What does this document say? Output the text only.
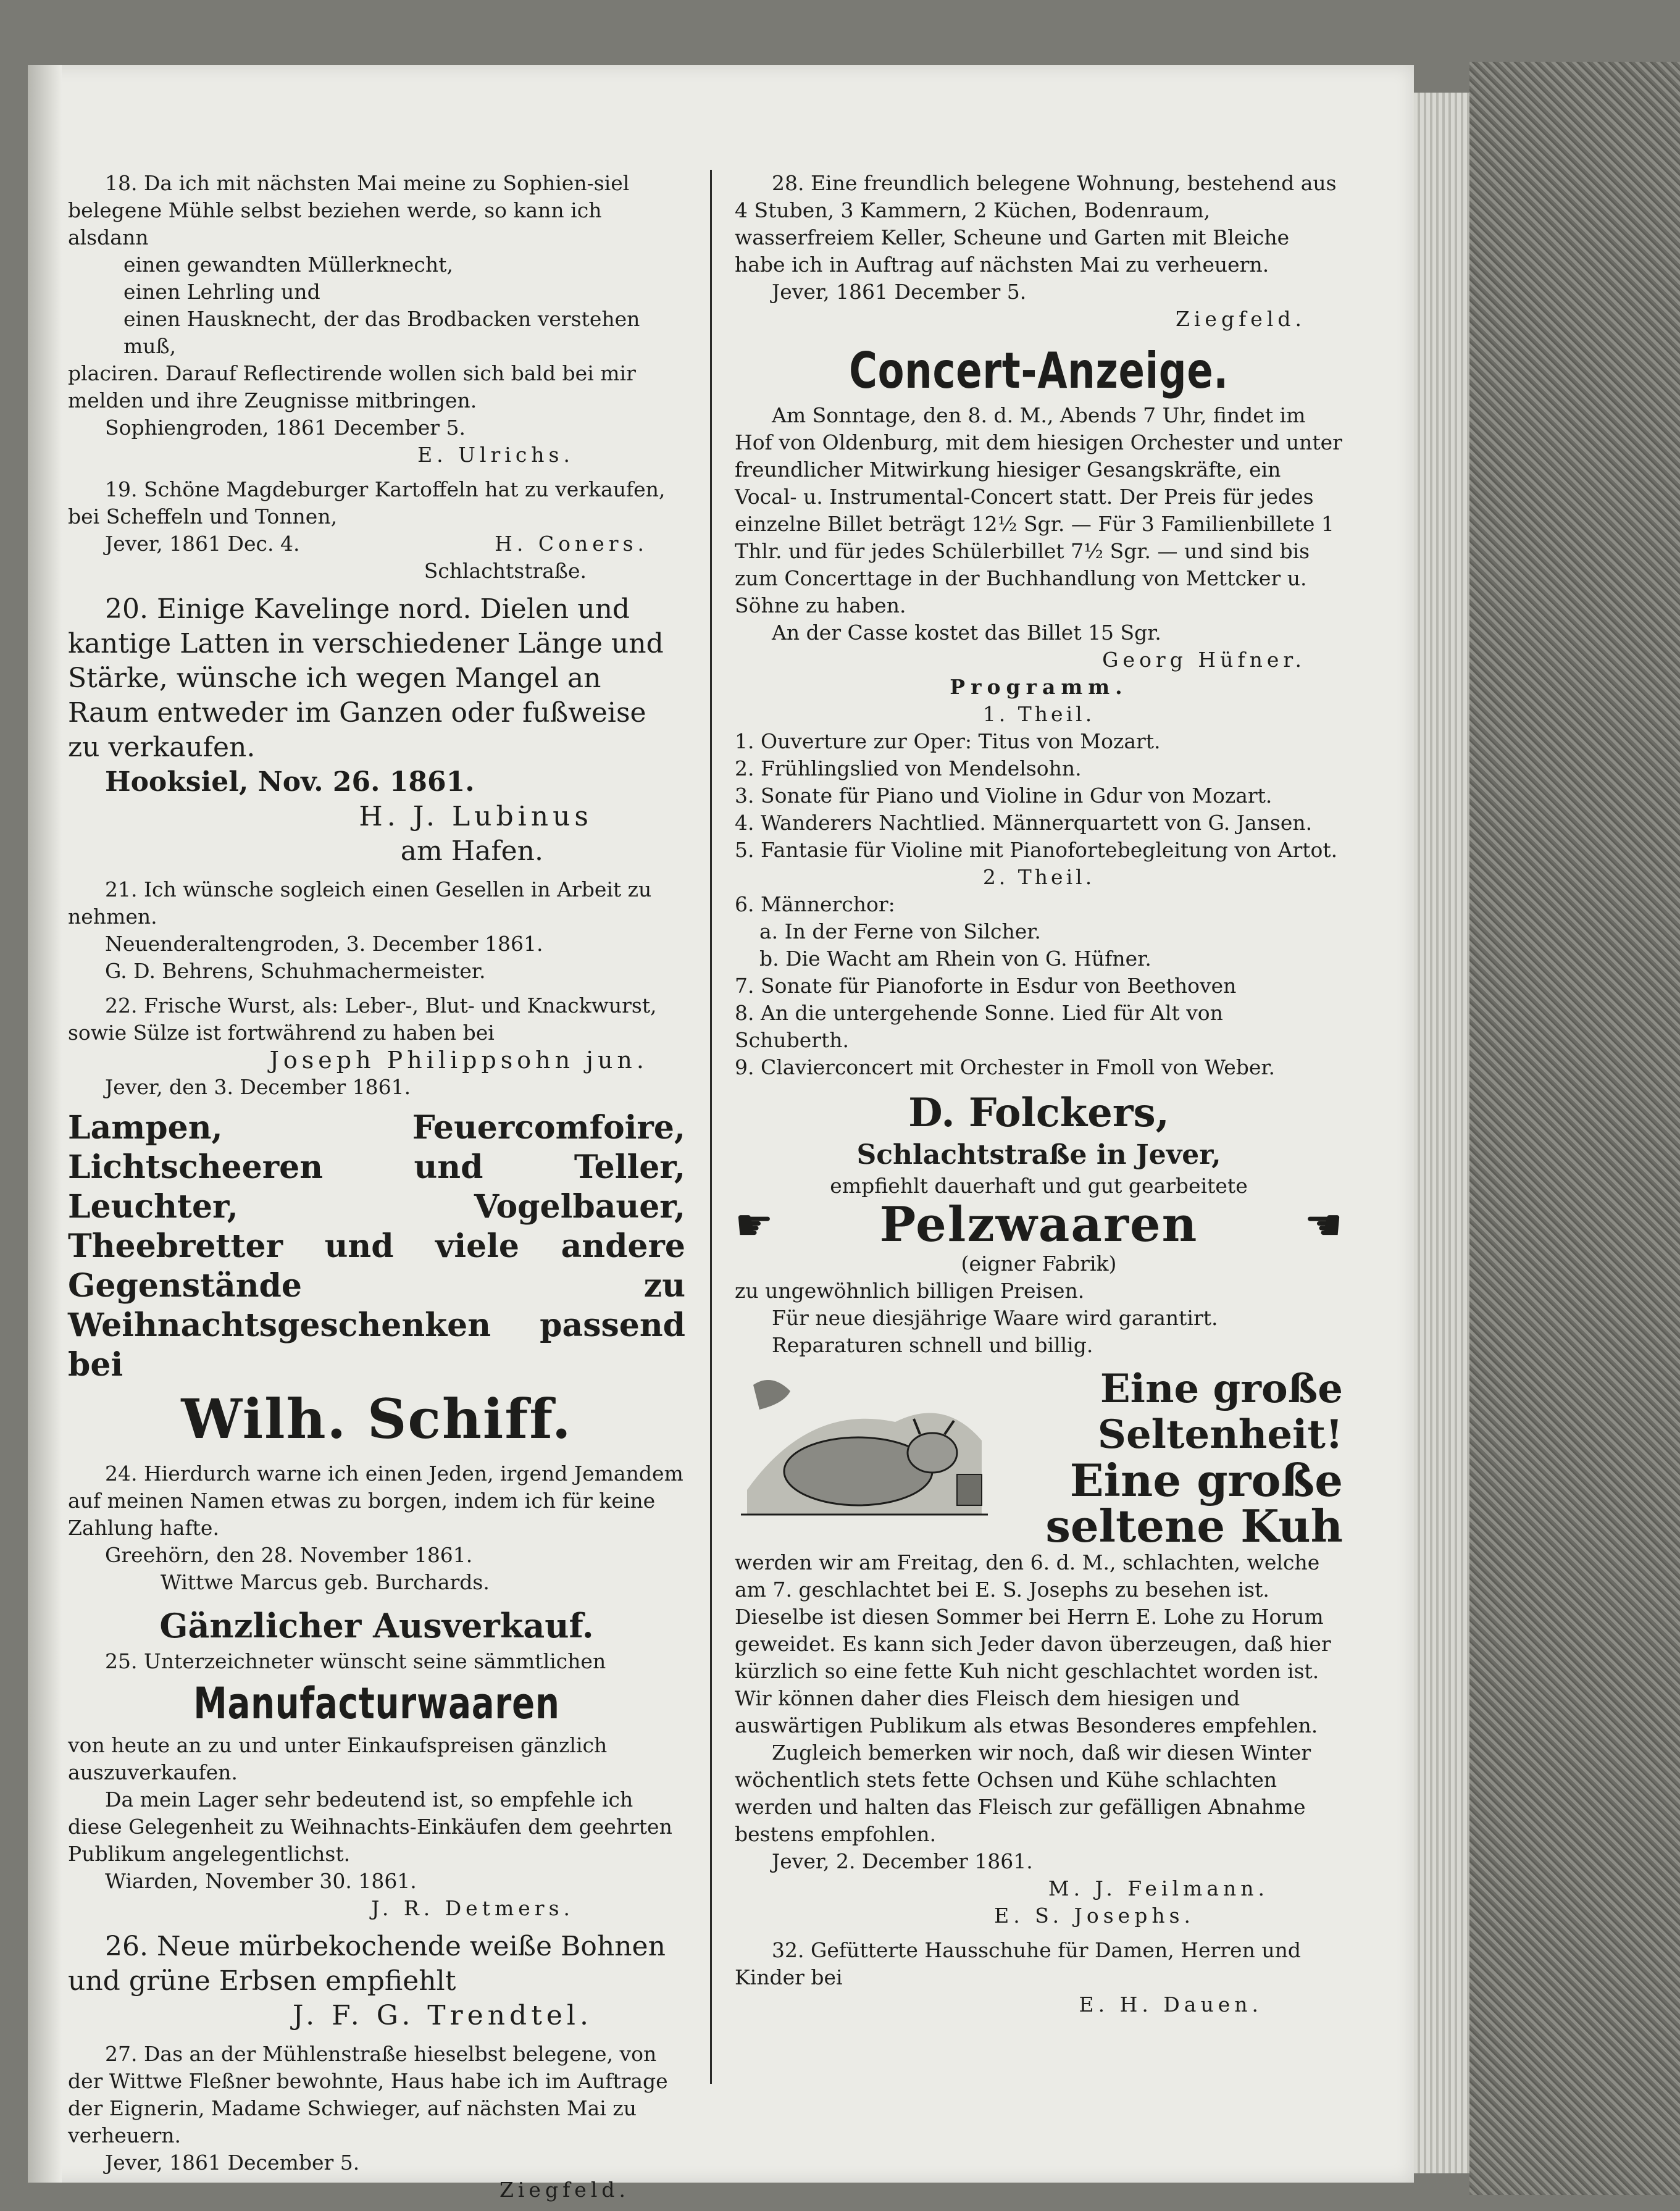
18. Da ich mit nächsten Mai meine zu Sophien-siel belegene Mühle selbst beziehen werde, so kann ich alsdann

einen gewandten Müllerknecht,

einen Lehrling und

einen Hausknecht, der das Brodbacken verstehen muß,

placiren. Darauf Reflectirende wollen sich bald bei mir melden und ihre Zeugnisse mitbringen.

Sophiengroden, 1861 December 5.

E. Ulrichs.

19. Schöne Magdeburger Kartoffeln hat zu verkaufen, bei Scheffeln und Tonnen,

Jever, 1861 Dec. 4.	H. Coners.

Schlachtstraße.

20. Einige Kavelinge nord. Dielen und kantige Latten in verschiedener Länge und Stärke, wünsche ich wegen Mangel an Raum entweder im Ganzen oder fußweise zu verkaufen.

Hooksiel, Nov. 26. 1861.

H. J. Lubinus

am Hafen.

21. Ich wünsche sogleich einen Gesellen in Arbeit zu nehmen.

Neuenderaltengroden, 3. December 1861.

G. D. Behrens, Schuhmachermeister.

22. Frische Wurst, als: Leber-, Blut- und Knackwurst, sowie Sülze ist fortwährend zu haben bei

Joseph Philippsohn jun.

Jever, den 3. December 1861.

Lampen, Feuercomfoire, Lichtscheeren und Teller, Leuchter, Vogelbauer, Theebretter und viele andere Gegenstände zu Weihnachtsgeschenken passend bei

Wilh. Schiff.

24. Hierdurch warne ich einen Jeden, irgend Jemandem auf meinen Namen etwas zu borgen, indem ich für keine Zahlung hafte.

Greehörn, den 28. November 1861.

Wittwe Marcus geb. Burchards.

Gänzlicher Ausverkauf.

25. Unterzeichneter wünscht seine sämmtlichen

Manufacturwaaren

von heute an zu und unter Einkaufspreisen gänzlich auszuverkaufen.

Da mein Lager sehr bedeutend ist, so empfehle ich diese Gelegenheit zu Weihnachts-Einkäufen dem geehrten Publikum angelegentlichst.

Wiarden, November 30. 1861.

J. R. Detmers.

26. Neue mürbekochende weiße Bohnen und grüne Erbsen empfiehlt

J. F. G. Trendtel.

27. Das an der Mühlenstraße hieselbst belegene, von der Wittwe Fleßner bewohnte, Haus habe ich im Auftrage der Eignerin, Madame Schwieger, auf nächsten Mai zu verheuern.

Jever, 1861 December 5.

Ziegfeld.

28. Eine freundlich belegene Wohnung, bestehend aus 4 Stuben, 3 Kammern, 2 Küchen, Bodenraum, wasserfreiem Keller, Scheune und Garten mit Bleiche habe ich in Auftrag auf nächsten Mai zu verheuern.

Jever, 1861 December 5.

Ziegfeld.

Concert-Anzeige.

Am Sonntage, den 8. d. M., Abends 7 Uhr, findet im Hof von Oldenburg, mit dem hiesigen Orchester und unter freundlicher Mitwirkung hiesiger Gesangskräfte, ein Vocal- u. Instrumental-Concert statt. Der Preis für jedes einzelne Billet beträgt 12½ Sgr. — Für 3 Familienbillete 1 Thlr. und für jedes Schülerbillet 7½ Sgr. — und sind bis zum Concerttage in der Buchhandlung von Mettcker u. Söhne zu haben.

An der Casse kostet das Billet 15 Sgr.

Georg Hüfner.

Programm.

1. Theil.

1. Ouverture zur Oper: Titus von Mozart.

2. Frühlingslied von Mendelsohn.

3. Sonate für Piano und Violine in Gdur von Mozart.

4. Wanderers Nachtlied. Männerquartett von G. Jansen.

5. Fantasie für Violine mit Pianofortebegleitung von Artot.

2. Theil.

6. Männerchor:

a. In der Ferne von Silcher.

b. Die Wacht am Rhein von G. Hüfner.

7. Sonate für Pianoforte in Esdur von Beethoven

8. An die untergehende Sonne. Lied für Alt von Schuberth.

9. Clavierconcert mit Orchester in Fmoll von Weber.

D. Folckers,

Schlachtstraße in Jever,

empfiehlt dauerhaft und gut gearbeitete

☛ Pelzwaaren ☚

(eigner Fabrik)

zu ungewöhnlich billigen Preisen.

Für neue diesjährige Waare wird garantirt.

Reparaturen schnell und billig.

Eine große
Seltenheit!
Eine große
seltene Kuh

werden wir am Freitag, den 6. d. M., schlachten, welche am 7. geschlachtet bei E. S. Josephs zu besehen ist. Dieselbe ist diesen Sommer bei Herrn E. Lohe zu Horum geweidet. Es kann sich Jeder davon überzeugen, daß hier kürzlich so eine fette Kuh nicht geschlachtet worden ist. Wir können daher dies Fleisch dem hiesigen und auswärtigen Publikum als etwas Besonderes empfehlen.

Zugleich bemerken wir noch, daß wir diesen Winter wöchentlich stets fette Ochsen und Kühe schlachten werden und halten das Fleisch zur gefälligen Abnahme bestens empfohlen.

Jever, 2. December 1861.

M. J. Feilmann.

E. S. Josephs.

32. Gefütterte Hausschuhe für Damen, Herren und Kinder bei

E. H. Dauen.
